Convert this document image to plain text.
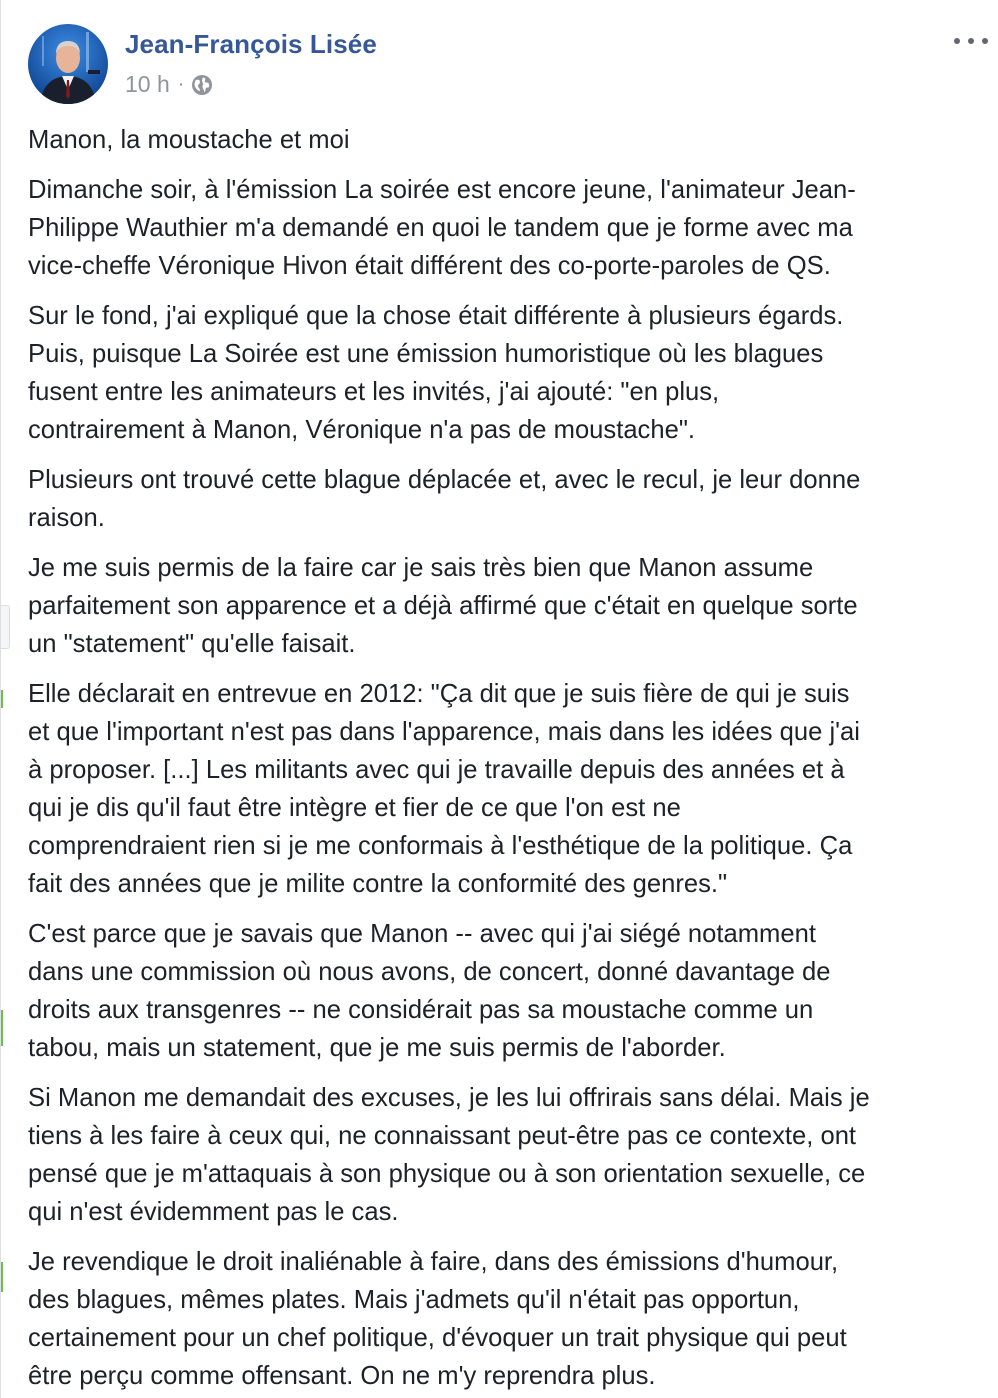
Jean-François Lisée
10 h ·

Manon, la moustache et moi

Dimanche soir, à l'émission La soirée est encore jeune, l'animateur Jean-
Philippe Wauthier m'a demandé en quoi le tandem que je forme avec ma
vice-cheffe Véronique Hivon était différent des co-porte-paroles de QS.

Sur le fond, j'ai expliqué que la chose était différente à plusieurs égards.
Puis, puisque La Soirée est une émission humoristique où les blagues
fusent entre les animateurs et les invités, j'ai ajouté: "en plus,
contrairement à Manon, Véronique n'a pas de moustache".

Plusieurs ont trouvé cette blague déplacée et, avec le recul, je leur donne
raison.

Je me suis permis de la faire car je sais très bien que Manon assume
parfaitement son apparence et a déjà affirmé que c'était en quelque sorte
un "statement" qu'elle faisait.

Elle déclarait en entrevue en 2012: "Ça dit que je suis fière de qui je suis
et que l'important n'est pas dans l'apparence, mais dans les idées que j'ai
à proposer. [...] Les militants avec qui je travaille depuis des années et à
qui je dis qu'il faut être intègre et fier de ce que l'on est ne
comprendraient rien si je me conformais à l'esthétique de la politique. Ça
fait des années que je milite contre la conformité des genres."

C'est parce que je savais que Manon -- avec qui j'ai siégé notamment
dans une commission où nous avons, de concert, donné davantage de
droits aux transgenres -- ne considérait pas sa moustache comme un
tabou, mais un statement, que je me suis permis de l'aborder.

Si Manon me demandait des excuses, je les lui offrirais sans délai. Mais je
tiens à les faire à ceux qui, ne connaissant peut-être pas ce contexte, ont
pensé que je m'attaquais à son physique ou à son orientation sexuelle, ce
qui n'est évidemment pas le cas.

Je revendique le droit inaliénable à faire, dans des émissions d'humour,
des blagues, mêmes plates. Mais j'admets qu'il n'était pas opportun,
certainement pour un chef politique, d'évoquer un trait physique qui peut
être perçu comme offensant. On ne m'y reprendra plus.
